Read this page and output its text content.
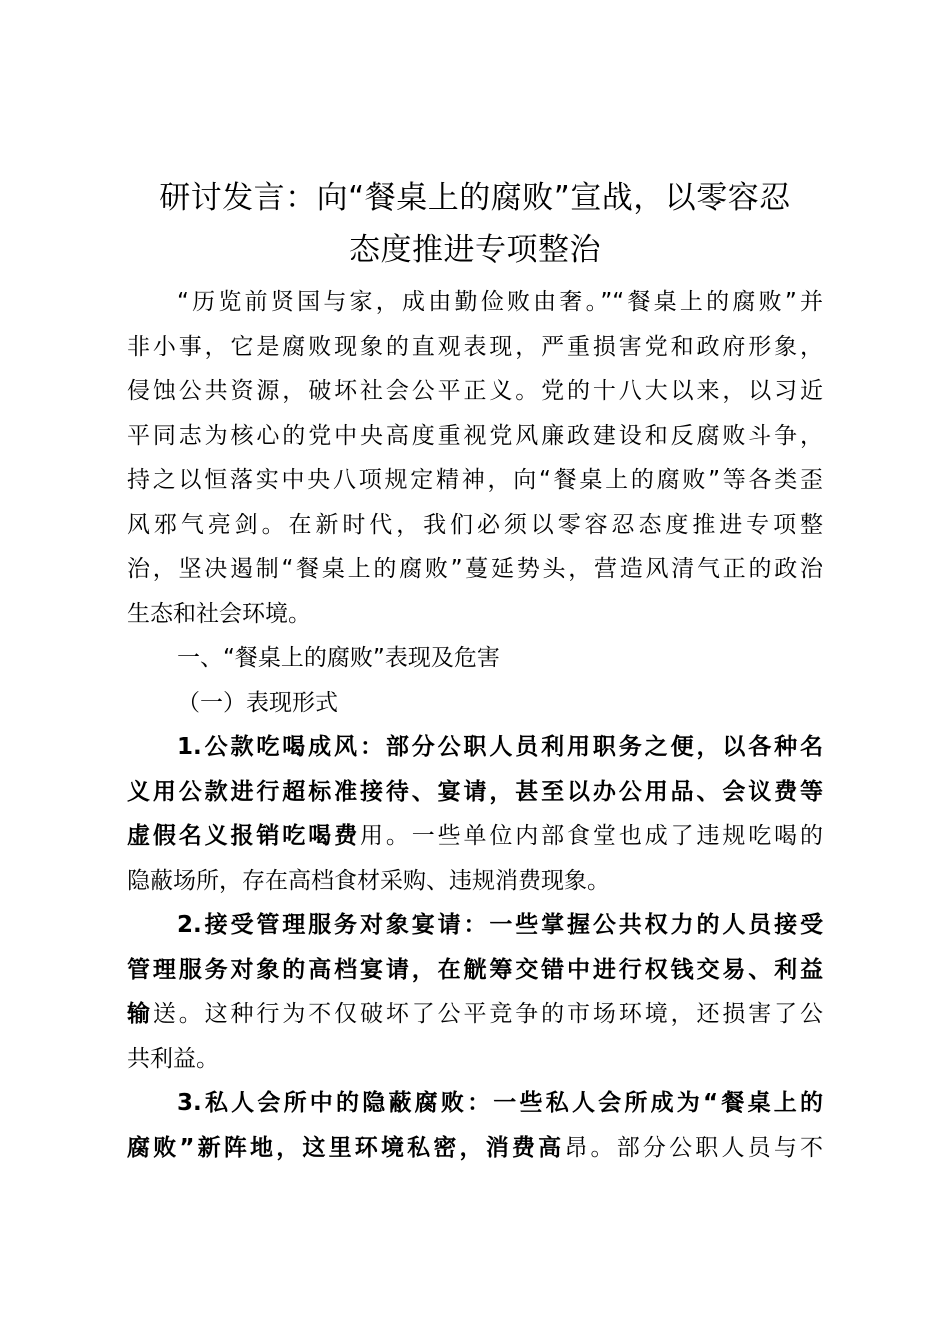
研讨发言：向“餐桌上的腐败”宣战，以零容忍
态度推进专项整治
“历览前贤国与家，成由勤俭败由奢。”“餐桌上的腐败”并
非小事，它是腐败现象的直观表现，严重损害党和政府形象，
侵蚀公共资源，破坏社会公平正义。党的十八大以来，以习近
平同志为核心的党中央高度重视党风廉政建设和反腐败斗争，
持之以恒落实中央八项规定精神，向“餐桌上的腐败”等各类歪
风邪气亮剑。在新时代，我们必须以零容忍态度推进专项整
治，坚决遏制“餐桌上的腐败”蔓延势头，营造风清气正的政治
生态和社会环境。
一、“餐桌上的腐败”表现及危害
（一）表现形式
1.公款吃喝成风：部分公职人员利用职务之便，以各种名
义用公款进行超标准接待、宴请，甚至以办公用品、会议费等
虚假名义报销吃喝费用。一些单位内部食堂也成了违规吃喝的
隐蔽场所，存在高档食材采购、违规消费现象。
2.接受管理服务对象宴请：一些掌握公共权力的人员接受
管理服务对象的高档宴请，在觥筹交错中进行权钱交易、利益
输送。这种行为不仅破坏了公平竞争的市场环境，还损害了公
共利益。
3.私人会所中的隐蔽腐败：一些私人会所成为“餐桌上的
腐败”新阵地，这里环境私密，消费高昂。部分公职人员与不
